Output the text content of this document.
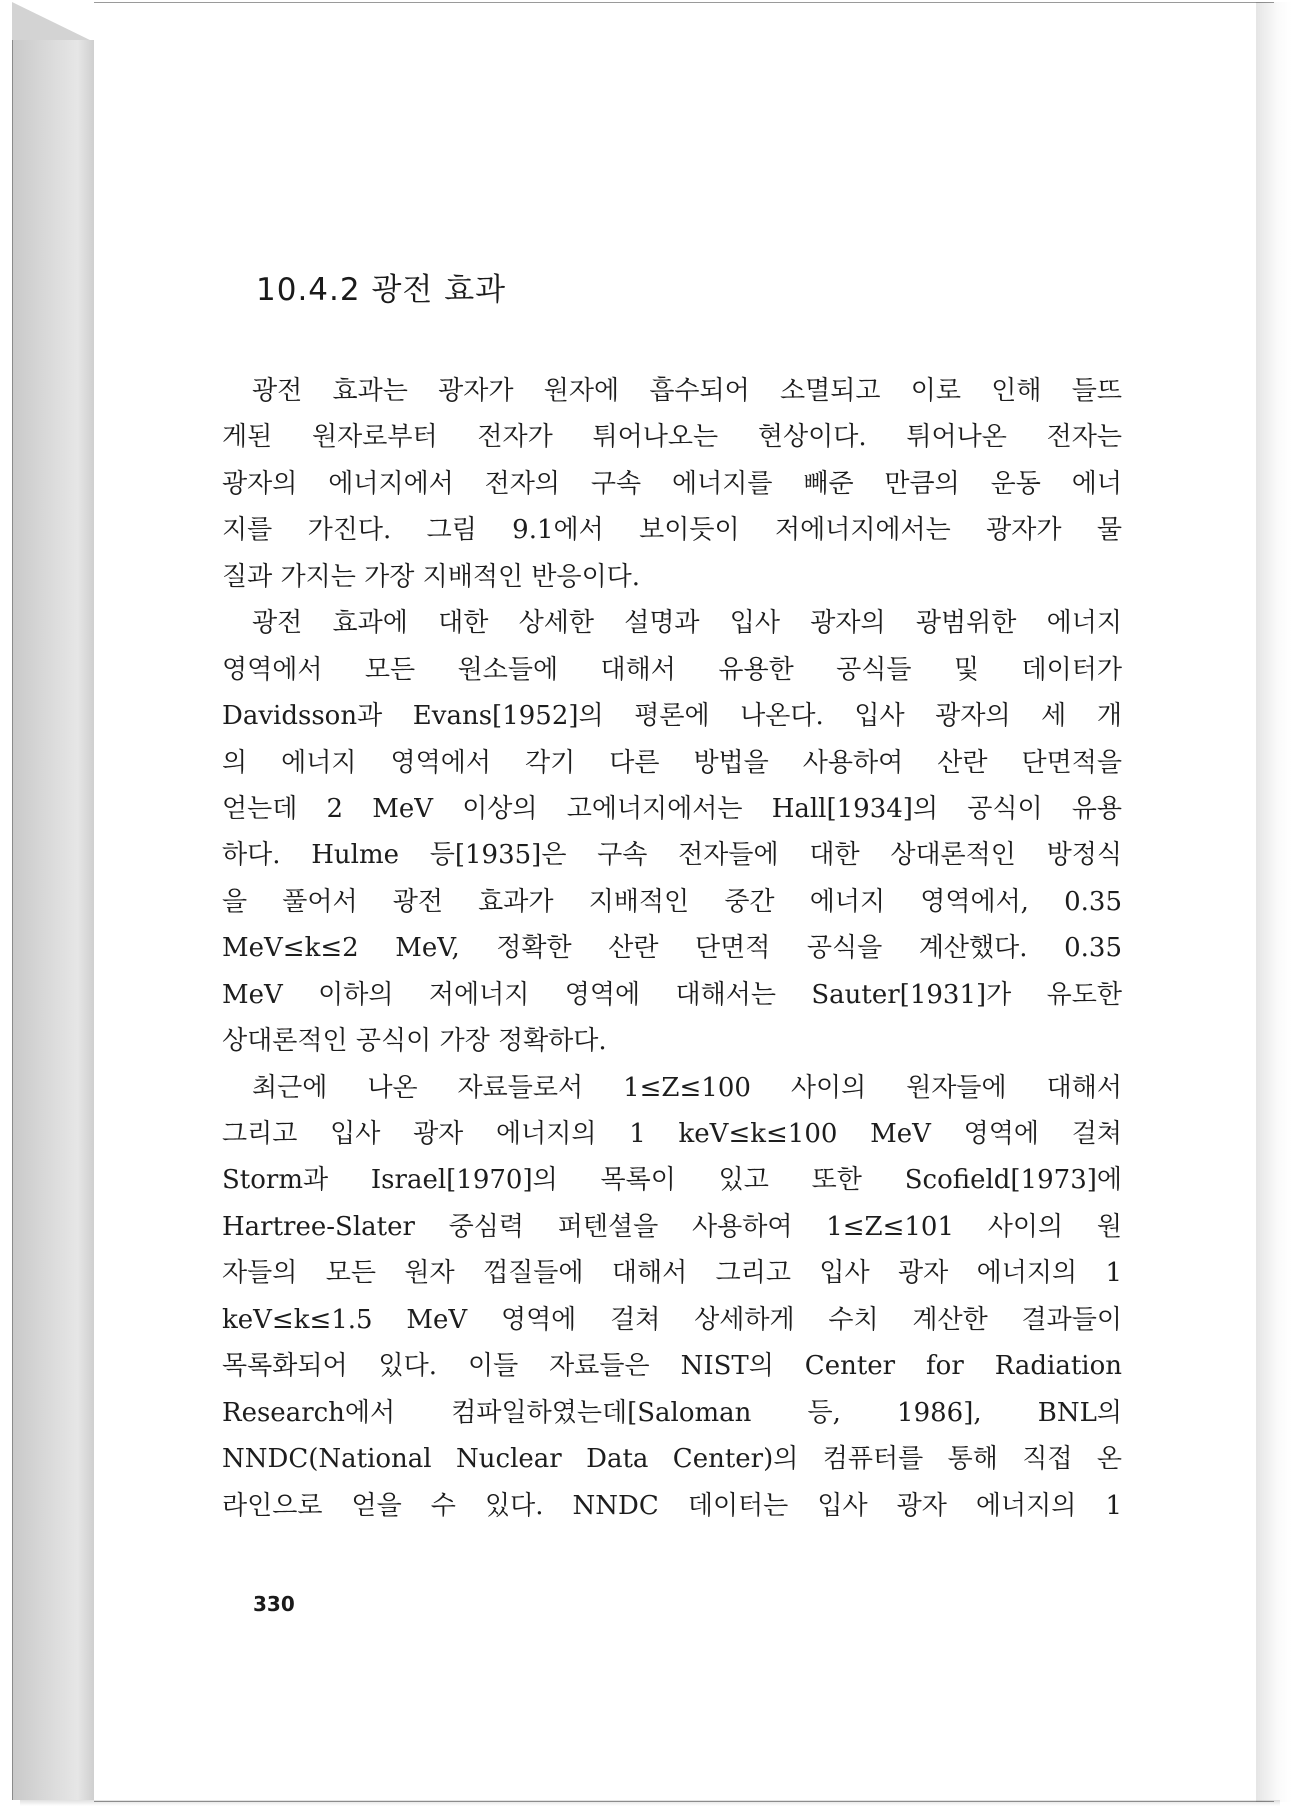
10.4.2 광전 효과
광전 효과는 광자가 원자에 흡수되어 소멸되고 이로 인해 들뜨
게된 원자로부터 전자가 튀어나오는 현상이다. 튀어나온 전자는
광자의 에너지에서 전자의 구속 에너지를 빼준 만큼의 운동 에너
지를 가진다. 그림 9.1에서 보이듯이 저에너지에서는 광자가 물
질과 가지는 가장 지배적인 반응이다.
광전 효과에 대한 상세한 설명과 입사 광자의 광범위한 에너지
영역에서 모든 원소들에 대해서 유용한 공식들 및 데이터가
Davidsson과 Evans[1952]의 평론에 나온다. 입사 광자의 세 개
의 에너지 영역에서 각기 다른 방법을 사용하여 산란 단면적을
얻는데 2 MeV 이상의 고에너지에서는 Hall[1934]의 공식이 유용
하다. Hulme 등[1935]은 구속 전자들에 대한 상대론적인 방정식
을 풀어서 광전 효과가 지배적인 중간 에너지 영역에서, 0.35
MeV≤k≤2 MeV, 정확한 산란 단면적 공식을 계산했다. 0.35
MeV 이하의 저에너지 영역에 대해서는 Sauter[1931]가 유도한
상대론적인 공식이 가장 정확하다.
최근에 나온 자료들로서 1≤Z≤100 사이의 원자들에 대해서
그리고 입사 광자 에너지의 1 keV≤k≤100 MeV 영역에 걸쳐
Storm과 Israel[1970]의 목록이 있고 또한 Scofield[1973]에
Hartree-Slater 중심력 퍼텐셜을 사용하여 1≤Z≤101 사이의 원
자들의 모든 원자 껍질들에 대해서 그리고 입사 광자 에너지의 1
keV≤k≤1.5 MeV 영역에 걸쳐 상세하게 수치 계산한 결과들이
목록화되어 있다. 이들 자료들은 NIST의 Center for Radiation
Research에서 컴파일하였는데[Saloman 등, 1986], BNL의
NNDC(National Nuclear Data Center)의 컴퓨터를 통해 직접 온
라인으로 얻을 수 있다. NNDC 데이터는 입사 광자 에너지의 1
330
